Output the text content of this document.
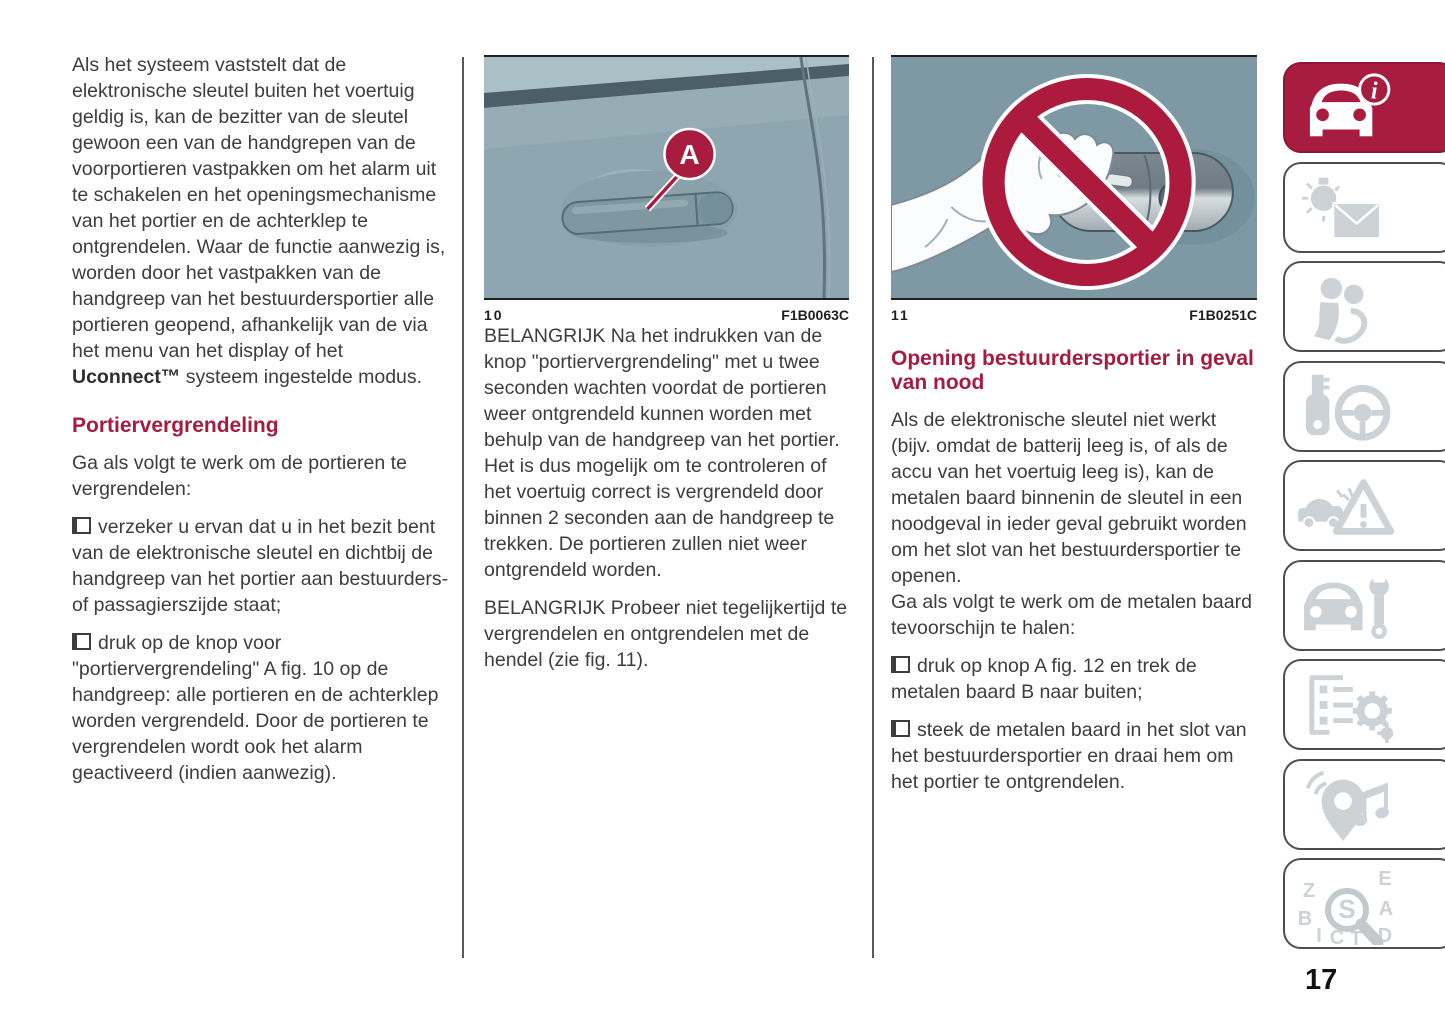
Als het systeem vaststelt dat de elektronische sleutel buiten het voertuig geldig is, kan de bezitter van de sleutel gewoon een van de handgrepen van de voorportieren vastpakken om het alarm uit te schakelen en het openingsmechanisme van het portier en de achterklep te ontgrendelen. Waar de functie aanwezig is, worden door het vastpakken van de handgreep van het bestuurdersportier alle portieren geopend, afhankelijk van de via het menu van het display of het Uconnect™ systeem ingestelde modus.

Portiervergrendeling

Ga als volgt te werk om de portieren te vergrendelen:

verzeker u ervan dat u in het bezit bent van de elektronische sleutel en dichtbij de handgreep van het portier aan bestuurders- of passagierszijde staat;

druk op de knop voor "portiervergrendeling" A fig. 10 op de handgreep: alle portieren en de achterklep worden vergrendeld. Door de portieren te vergrendelen wordt ook het alarm geactiveerd (indien aanwezig).

A
10	F1B0063C

BELANGRIJK Na het indrukken van de knop "portiervergrendeling" met u twee seconden wachten voordat de portieren weer ontgrendeld kunnen worden met behulp van de handgreep van het portier. Het is dus mogelijk om te controleren of het voertuig correct is vergrendeld door binnen 2 seconden aan de handgreep te trekken. De portieren zullen niet weer ontgrendeld worden.

BELANGRIJK Probeer niet tegelijkertijd te vergrendelen en ontgrendelen met de hendel (zie fig. 11).

11	F1B0251C
Opening bestuurdersportier in geval van nood

Als de elektronische sleutel niet werkt (bijv. omdat de batterij leeg is, of als de accu van het voertuig leeg is), kan de metalen baard binnenin de sleutel in een noodgeval in ieder geval gebruikt worden om het slot van het bestuurdersportier te openen.

Ga als volgt te werk om de metalen baard tevoorschijn te halen:

druk op knop A fig. 12 en trek de metalen baard B naar buiten;

steek de metalen baard in het slot van het bestuurdersportier en draai hem om het portier te ontgrendelen.

i
Z
E
B	A
I C T D
S
17
